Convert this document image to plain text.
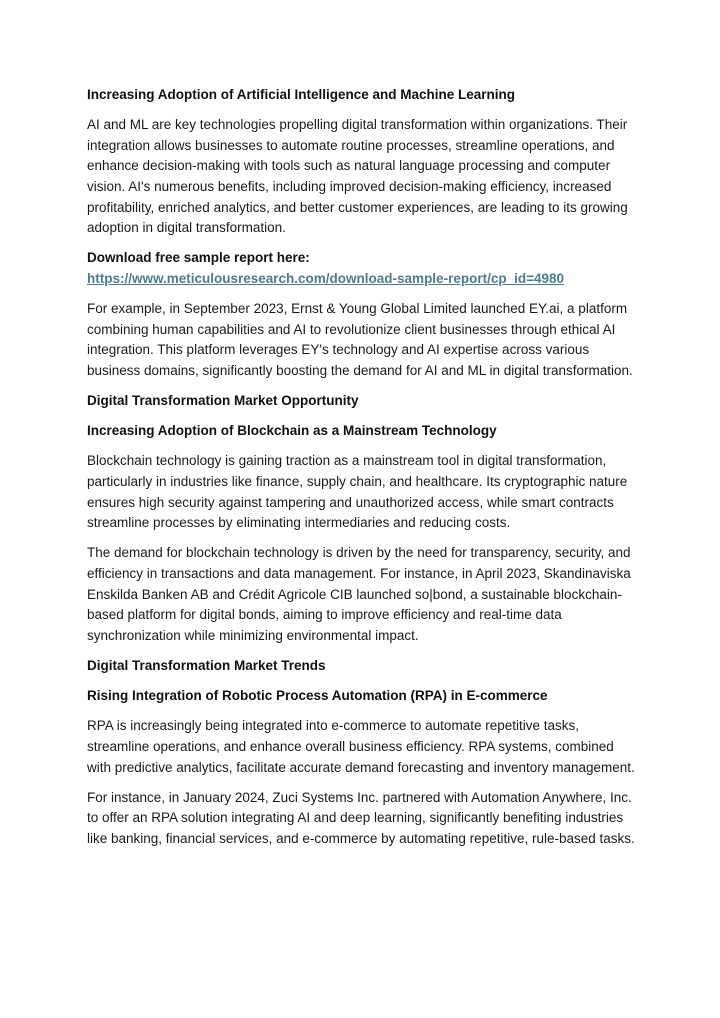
Increasing Adoption of Artificial Intelligence and Machine Learning

AI and ML are key technologies propelling digital transformation within organizations. Their integration allows businesses to automate routine processes, streamline operations, and enhance decision-making with tools such as natural language processing and computer vision. AI's numerous benefits, including improved decision-making efficiency, increased profitability, enriched analytics, and better customer experiences, are leading to its growing adoption in digital transformation.

Download free sample report here:
https://www.meticulousresearch.com/download-sample-report/cp_id=4980

For example, in September 2023, Ernst & Young Global Limited launched EY.ai, a platform combining human capabilities and AI to revolutionize client businesses through ethical AI integration. This platform leverages EY's technology and AI expertise across various business domains, significantly boosting the demand for AI and ML in digital transformation.

Digital Transformation Market Opportunity
Increasing Adoption of Blockchain as a Mainstream Technology

Blockchain technology is gaining traction as a mainstream tool in digital transformation, particularly in industries like finance, supply chain, and healthcare. Its cryptographic nature ensures high security against tampering and unauthorized access, while smart contracts streamline processes by eliminating intermediaries and reducing costs.

The demand for blockchain technology is driven by the need for transparency, security, and efficiency in transactions and data management. For instance, in April 2023, Skandinaviska Enskilda Banken AB and Crédit Agricole CIB launched so|bond, a sustainable blockchain-based platform for digital bonds, aiming to improve efficiency and real-time data synchronization while minimizing environmental impact.

Digital Transformation Market Trends
Rising Integration of Robotic Process Automation (RPA) in E-commerce

RPA is increasingly being integrated into e-commerce to automate repetitive tasks, streamline operations, and enhance overall business efficiency. RPA systems, combined with predictive analytics, facilitate accurate demand forecasting and inventory management.

For instance, in January 2024, Zuci Systems Inc. partnered with Automation Anywhere, Inc. to offer an RPA solution integrating AI and deep learning, significantly benefiting industries like banking, financial services, and e-commerce by automating repetitive, rule-based tasks.
